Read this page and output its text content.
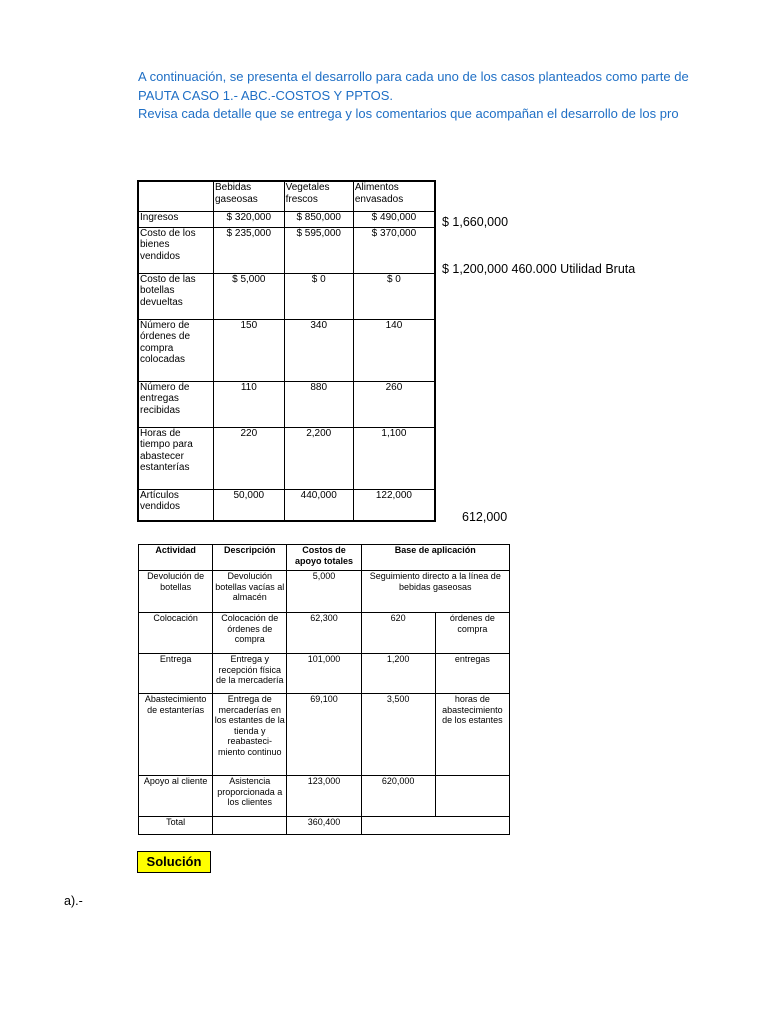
A continuación, se presenta el desarrollo para cada uno de los casos planteados como parte de
PAUTA CASO 1.- ABC.-COSTOS Y PPTOS.
Revisa cada detalle que se entrega y los comentarios que acompañan el desarrollo de los pro
	Bebidas gaseosas	Vegetales frescos	Alimentos envasados
Ingresos	$ 320,000	$ 850,000	$ 490,000
Costo de los bienes vendidos	$ 235,000	$ 595,000	$ 370,000
Costo de las botellas devueltas	$ 5,000	$ 0	$ 0
Número de órdenes de compra colocadas	150	340	140
Número de entregas recibidas	110	880	260
Horas de tiempo para abastecer estanterías	220	2,200	1,100
Artículos vendidos	50,000	440,000	122,000
$ 1,660,000
$ 1,200,000 460.000 Utilidad Bruta
612,000
Actividad	Descripción	Costos de apoyo totales	Base de aplicación	
Devolución de botellas	Devolución botellas vacías al almacén	5,000	Seguimiento directo a la línea de bebidas gaseosas	
Colocación	Colocación de órdenes de compra	62,300	620	órdenes de compra
Entrega	Entrega y recepción física de la mercadería	101,000	1,200	entregas
Abastecimiento de estanterías	Entrega de mercaderías en los estantes de la tienda y reabasteci-miento continuo	69,100	3,500	horas de abastecimiento de los estantes
Apoyo al cliente	Asistencia proporcionada a los clientes	123,000	620,000	
Total		360,400		
Solución
a).-
